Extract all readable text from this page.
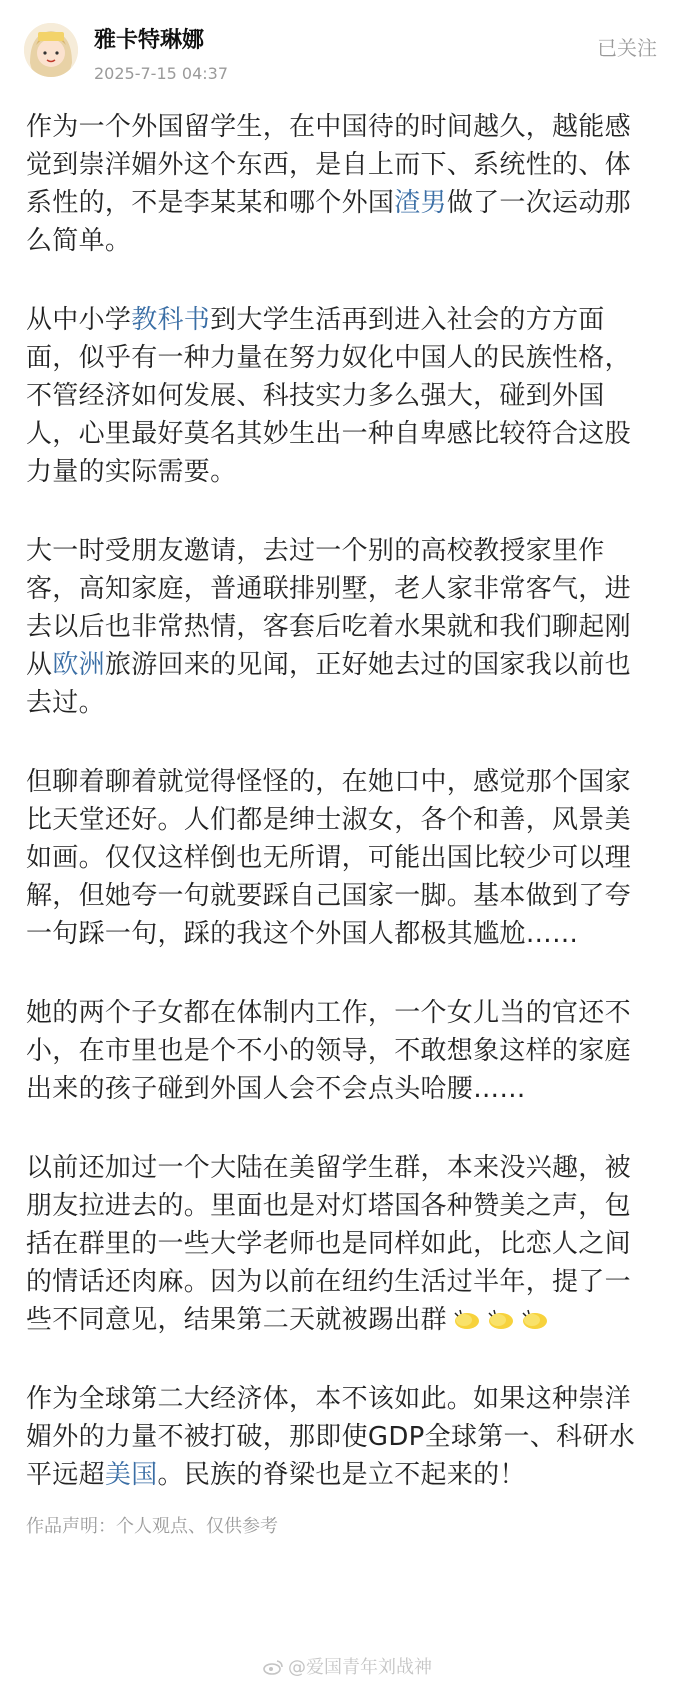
雅卡特琳娜
2025-7-15 04:37
已关注
作为一个外国留学生，在中国待的时间越久，越能感
觉到崇洋媚外这个东西，是自上而下、系统性的、体
系性的，不是李某某和哪个外国渣男做了一次运动那
么简单。
从中小学教科书到大学生活再到进入社会的方方面
面，似乎有一种力量在努力奴化中国人的民族性格，
不管经济如何发展、科技实力多么强大，碰到外国
人，心里最好莫名其妙生出一种自卑感比较符合这股
力量的实际需要。
大一时受朋友邀请，去过一个别的高校教授家里作
客，高知家庭，普通联排别墅，老人家非常客气，进
去以后也非常热情，客套后吃着水果就和我们聊起刚
从欧洲旅游回来的见闻，正好她去过的国家我以前也
去过。
但聊着聊着就觉得怪怪的，在她口中，感觉那个国家
比天堂还好。人们都是绅士淑女，各个和善，风景美
如画。仅仅这样倒也无所谓，可能出国比较少可以理
解，但她夸一句就要踩自己国家一脚。基本做到了夸
一句踩一句，踩的我这个外国人都极其尴尬……
她的两个子女都在体制内工作，一个女儿当的官还不
小，在市里也是个不小的领导，不敢想象这样的家庭
出来的孩子碰到外国人会不会点头哈腰……
以前还加过一个大陆在美留学生群，本来没兴趣，被
朋友拉进去的。里面也是对灯塔国各种赞美之声，包
括在群里的一些大学老师也是同样如此，比恋人之间
的情话还肉麻。因为以前在纽约生活过半年，提了一
些不同意见，结果第二天就被踢出群
作为全球第二大经济体，本不该如此。如果这种崇洋
媚外的力量不被打破，那即使GDP全球第一、科研水
平远超美国。民族的脊梁也是立不起来的！
作品声明：个人观点、仅供参考
@爱国青年刘战神
